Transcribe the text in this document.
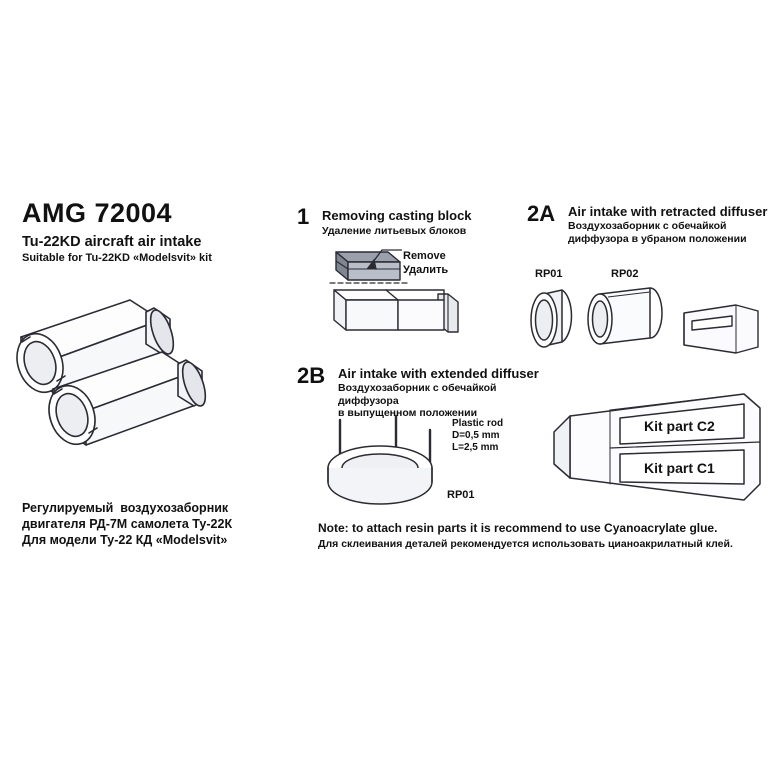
AMG 72004
Tu-22KD aircraft air intake
Suitable for Tu-22KD «Modelsvit» kit
Регулируемый  воздухозаборник
двигателя РД-7М самолета Ту-22К
Для модели Ту-22 КД «Modelsvit»
1 Removing casting block
Удаление литьевых блоков
Remove
Удалить
2A Air intake with retracted diffuser
Воздухозаборник с обечайкой
диффузора в убраном положении
RP01	RP02
2B Air intake with extended diffuser
Воздухозаборник с обечайкой диффузора
в выпущенном положении
Plastic rod
D=0,5 mm
L=2,5 mm
RP01
Kit part C2
Kit part C1
Note: to attach resin parts it is recommend to use Cyanoacrylate glue.
Для склеивания деталей рекомендуется использовать цианоакрилатный клей.
